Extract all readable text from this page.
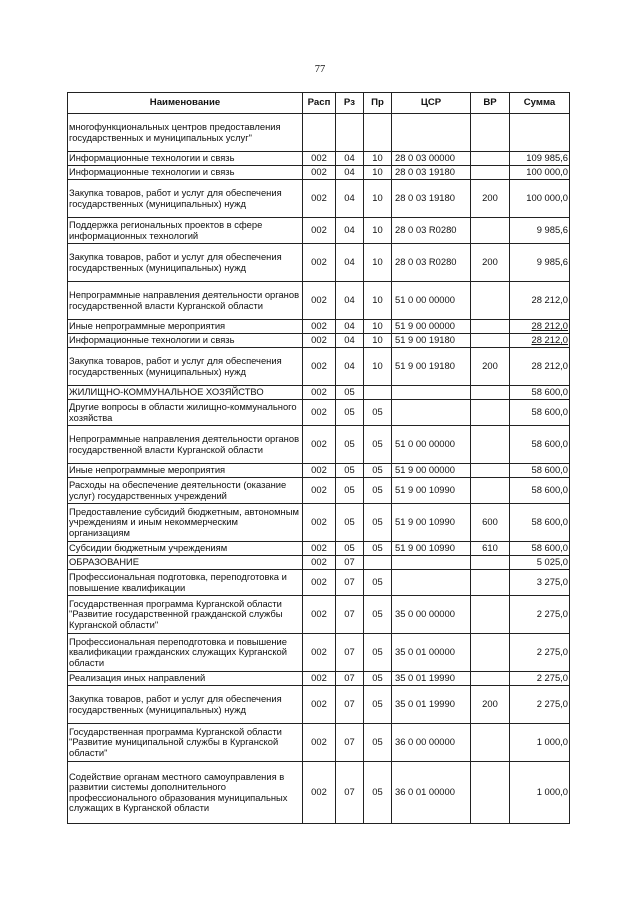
77
Наименование	Расп	Рз	Пр	ЦСР	ВР	Сумма
многофункциональных центров предоставления государственных и муниципальных услуг"						
Информационные технологии и связь	002	04	10	28 0 03 00000		109 985,6
Информационные технологии и связь	002	04	10	28 0 03 19180		100 000,0
Закупка товаров, работ и услуг для обеспечения государственных (муниципальных) нужд	002	04	10	28 0 03 19180	200	100 000,0
Поддержка региональных проектов в сфере информационных технологий	002	04	10	28 0 03 R0280		9 985,6
Закупка товаров, работ и услуг для обеспечения государственных (муниципальных) нужд	002	04	10	28 0 03 R0280	200	9 985,6
Непрограммные направления деятельности органов государственной власти Курганской области	002	04	10	51 0 00 00000		28 212,0
Иные непрограммные мероприятия	002	04	10	51 9 00 00000		28 212,0
Информационные технологии и связь	002	04	10	51 9 00 19180		28 212,0
Закупка товаров, работ и услуг для обеспечения государственных (муниципальных) нужд	002	04	10	51 9 00 19180	200	28 212,0
ЖИЛИЩНО-КОММУНАЛЬНОЕ ХОЗЯЙСТВО	002	05				58 600,0
Другие вопросы в области жилищно-коммунального хозяйства	002	05	05			58 600,0
Непрограммные направления деятельности органов государственной власти Курганской области	002	05	05	51 0 00 00000		58 600,0
Иные непрограммные мероприятия	002	05	05	51 9 00 00000		58 600,0
Расходы на обеспечение деятельности (оказание услуг) государственных учреждений	002	05	05	51 9 00 10990		58 600,0
Предоставление субсидий бюджетным, автономным учреждениям и иным некоммерческим организациям	002	05	05	51 9 00 10990	600	58 600,0
Субсидии бюджетным учреждениям	002	05	05	51 9 00 10990	610	58 600,0
ОБРАЗОВАНИЕ	002	07				5 025,0
Профессиональная подготовка, переподготовка и повышение квалификации	002	07	05			3 275,0
Государственная программа Курганской области "Развитие государственной гражданской службы Курганской области"	002	07	05	35 0 00 00000		2 275,0
Профессиональная переподготовка и повышение квалификации гражданских служащих Курганской области	002	07	05	35 0 01 00000		2 275,0
Реализация иных направлений	002	07	05	35 0 01 19990		2 275,0
Закупка товаров, работ и услуг для обеспечения государственных (муниципальных) нужд	002	07	05	35 0 01 19990	200	2 275,0
Государственная программа Курганской области "Развитие муниципальной службы в Курганской области"	002	07	05	36 0 00 00000		1 000,0
Содействие органам местного самоуправления в развитии системы дополнительного профессионального образования муниципальных служащих в Курганской области	002	07	05	36 0 01 00000		1 000,0
